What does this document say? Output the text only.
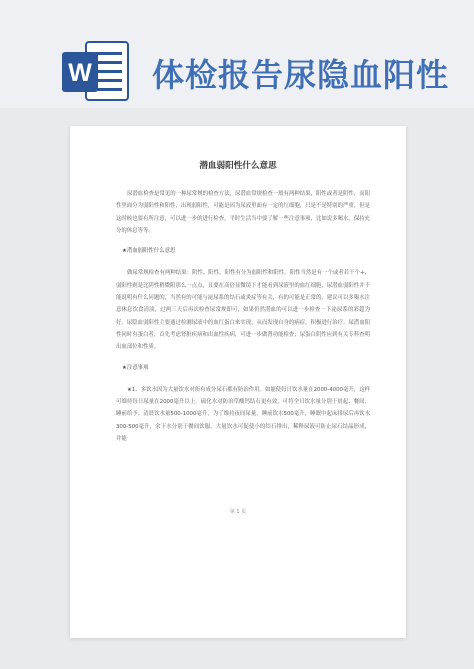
W 体检报告尿隐血阳性
潜血弱阳性什么意思

尿潜血检查是常见的一种尿常规的检查方法，尿潜血常规检查一般有两种结果，阳性或者是阴性，而阳性里面分为弱阳性和阳性，出现弱阳性，可能是因为尿液里面有一定的红细胞，只是不是特别的严重，但是这时候也要有所注意，可以进一步的进行检查，平时生活当中要了解一些注意事项，比如说多喝水，保持充分的休息等等。

★潜血弱阳性什么意思

做尿常规检查有两种结果：阴性、阳性，阳性有分为弱阳性和阳性。阳性当然是有一个或者若干个+，弱阳性则是比阴性稍微阳那么一点点，且要在高倍显微镜下才能看到尿液里的血红细胞，尿潜血弱阳性并不能说明有什么问题的，当然有的可能与泌尿系的结石或炎症等有关，有的可能是正常的，建议可以多喝水注意休息饮食清淡，过两三天后再次检查尿常规即可，如果仍然潜血的可以进一步检查一下泌尿系的彩超为好。尿隐血弱阳性主要通过检测尿液中的血红蛋白来实现，从而发现自身的病症，积极进行治疗。尿潜血阳性同时有蛋白者，首先考虑肾脏疾病和出血性疾病，可进一步做肾功能检查；尿蛋白阴性应到有关专科查明出血部位和性质。

★注意事项

★1、多饮水因为大量饮水对所有成分尿石都有防治作用。如能使每日饮水量在2000-4000毫升，这样可维持每日尿量在2000毫升以上。硫化水对防治草酸钙结石更有效，可将全日饮水量分别于晨起、餐间、睡前给予。清晨饮水量500-1000毫升，为了维持夜间尿量，睡前饮水500毫升，睡眠中起床排尿后再饮水300-500毫升，余下水分别于餐间饮服。大量饮水可促使小的结石排出，稀释尿液可防止尿石结晶形成，并能

第 1 页
